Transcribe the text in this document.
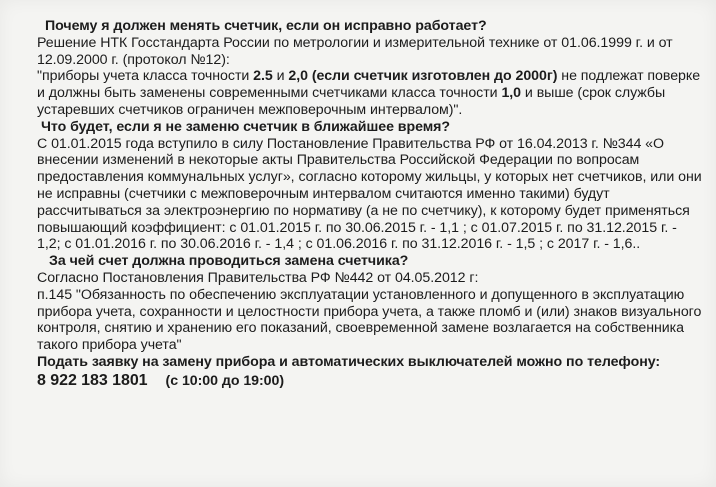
Почему я должен менять счетчик, если он исправно работает?
Решение НТК Госстандарта России по метрологии и измерительной технике от 01.06.1999 г. и от
12.09.2000 г. (протокол №12):
"приборы учета класса точности 2.5 и 2,0 (если счетчик изготовлен до 2000г) не подлежат поверке
и должны быть заменены современными счетчиками класса точности 1,0 и выше (срок службы
устаревших счетчиков ограничен межповерочным интервалом)".
Что будет, если я не заменю счетчик в ближайшее время?
С 01.01.2015 года вступило в силу Постановление Правительства РФ от 16.04.2013 г. №344 «О
внесении изменений в некоторые акты Правительства Российской Федерации по вопросам
предоставления коммунальных услуг», согласно которому жильцы, у которых нет счетчиков, или они
не исправны (счетчики с межповерочным интервалом считаются именно такими) будут
рассчитываться за электроэнергию по нормативу (а не по счетчику), к которому будет применяться
повышающий коэффициент: с 01.01.2015 г. по 30.06.2015 г. - 1,1 ; с 01.07.2015 г. по 31.12.2015 г. -
1,2; с 01.01.2016 г. по 30.06.2016 г. - 1,4 ; с 01.06.2016 г. по 31.12.2016 г. - 1,5 ; с 2017 г. - 1,6..
За чей счет должна проводиться замена счетчика?
Согласно Постановления Правительства РФ №442 от 04.05.2012 г:
п.145 "Обязанность по обеспечению эксплуатации установленного и допущенного в эксплуатацию
прибора учета, сохранности и целостности прибора учета, а также пломб и (или) знаков визуального
контроля, снятию и хранению его показаний, своевременной замене возлагается на собственника
такого прибора учета"
Подать заявку на замену прибора и автоматических выключателей можно по телефону:
8 922 183 1801 (с 10:00 до 19:00)
